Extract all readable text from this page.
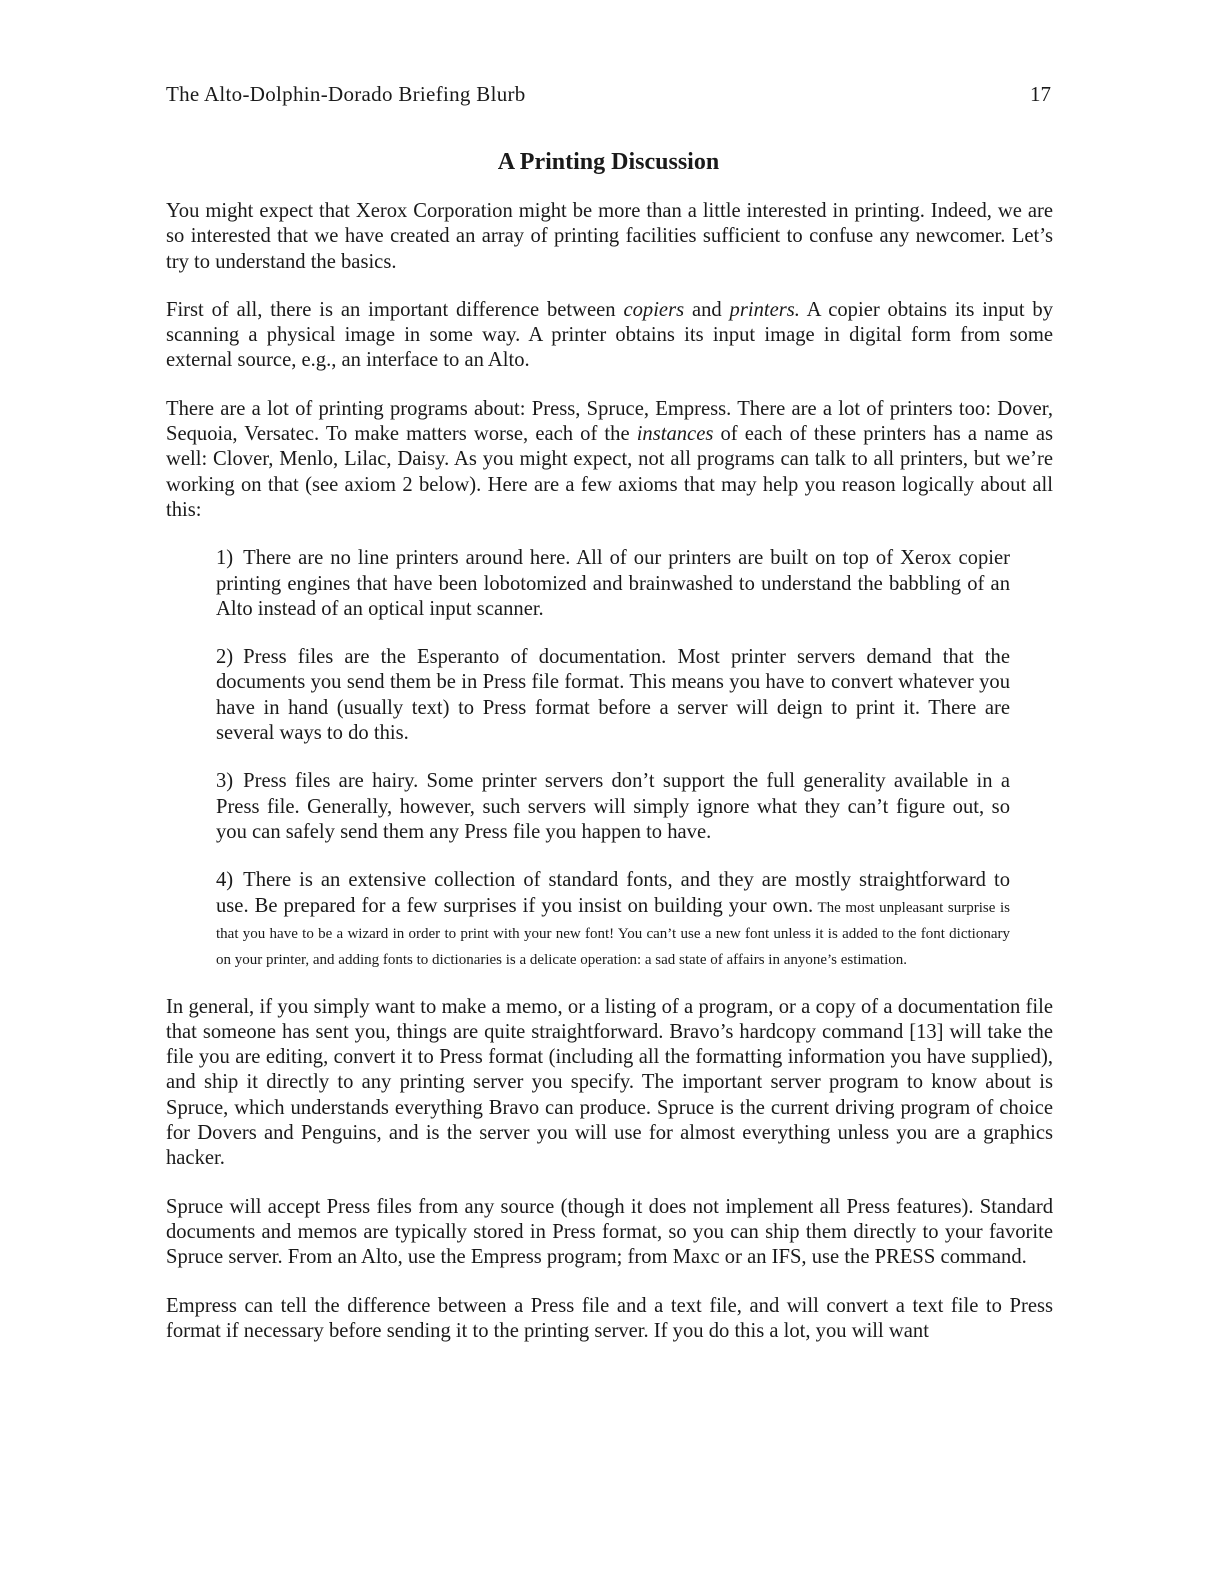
The Alto-Dolphin-Dorado Briefing Blurb	17
A Printing Discussion

You might expect that Xerox Corporation might be more than a little interested in printing. Indeed, we are so interested that we have created an array of printing facilities sufficient to confuse any newcomer. Let’s try to understand the basics.

First of all, there is an important difference between copiers and printers. A copier obtains its input by scanning a physical image in some way. A printer obtains its input image in digital form from some external source, e.g., an interface to an Alto.

There are a lot of printing programs about: Press, Spruce, Empress. There are a lot of printers too: Dover, Sequoia, Versatec. To make matters worse, each of the instances of each of these printers has a name as well: Clover, Menlo, Lilac, Daisy. As you might expect, not all programs can talk to all printers, but we’re working on that (see axiom 2 below). Here are a few axioms that may help you reason logically about all this:

1) There are no line printers around here. All of our printers are built on top of Xerox copier printing engines that have been lobotomized and brainwashed to understand the babbling of an Alto instead of an optical input scanner.
2) Press files are the Esperanto of documentation. Most printer servers demand that the documents you send them be in Press file format. This means you have to convert whatever you have in hand (usually text) to Press format before a server will deign to print it. There are several ways to do this.
3) Press files are hairy. Some printer servers don’t support the full generality available in a Press file. Generally, however, such servers will simply ignore what they can’t figure out, so you can safely send them any Press file you happen to have.
4) There is an extensive collection of standard fonts, and they are mostly straightforward to use. Be prepared for a few surprises if you insist on building your own. The most unpleasant surprise is that you have to be a wizard in order to print with your new font! You can’t use a new font unless it is added to the font dictionary on your printer, and adding fonts to dictionaries is a delicate operation: a sad state of affairs in anyone’s estimation.

In general, if you simply want to make a memo, or a listing of a program, or a copy of a documentation file that someone has sent you, things are quite straightforward. Bravo’s hardcopy command [13] will take the file you are editing, convert it to Press format (including all the formatting information you have supplied), and ship it directly to any printing server you specify. The important server program to know about is Spruce, which understands everything Bravo can produce. Spruce is the current driving program of choice for Dovers and Penguins, and is the server you will use for almost everything unless you are a graphics hacker.

Spruce will accept Press files from any source (though it does not implement all Press features). Standard documents and memos are typically stored in Press format, so you can ship them directly to your favorite Spruce server. From an Alto, use the Empress program; from Maxc or an IFS, use the PRESS command.

Empress can tell the difference between a Press file and a text file, and will convert a text file to Press format if necessary before sending it to the printing server. If you do this a lot, you will want
